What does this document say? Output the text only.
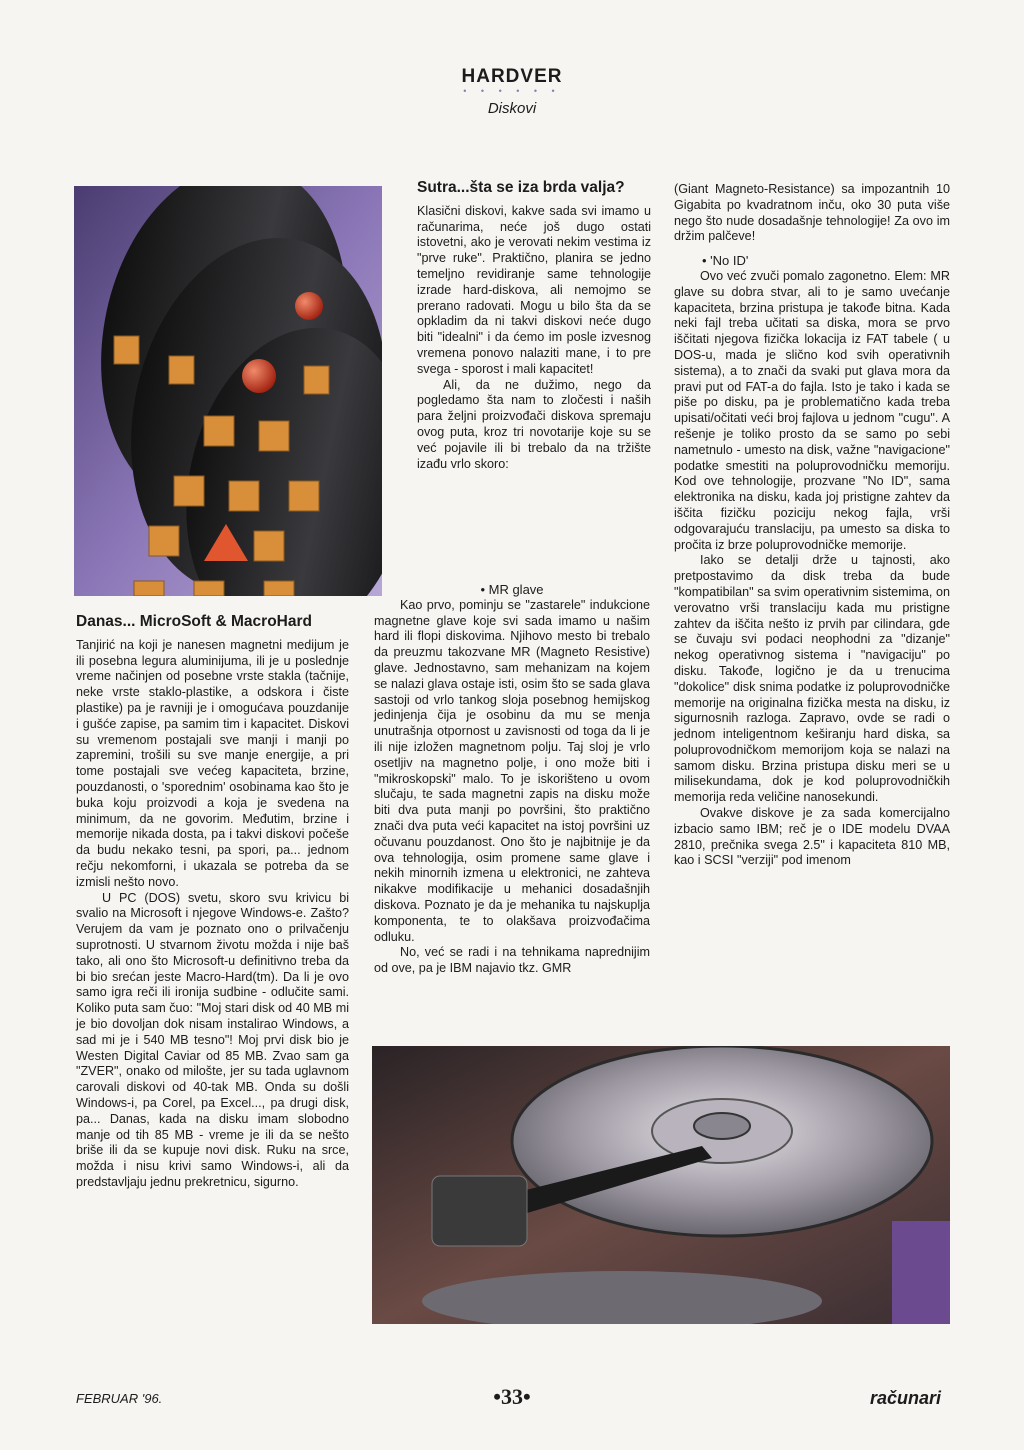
HARDVER
• • • • • •
Diskovi
Danas... MicroSoft & MacroHard

Tanjirić na koji je nanesen magnetni medijum je ili posebna legura aluminijuma, ili je u poslednje vreme načinjen od posebne vrste stakla (tačnije, neke vrste staklo-plastike, a odskora i čiste plastike) pa je ravniji je i omogućava pouzdanije i gušće zapise, pa samim tim i kapacitet. Diskovi su vremenom postajali sve manji i manji po zapremini, trošili su sve manje energije, a pri tome postajali sve većeg kapaciteta, brzine, pouzdanosti, o 'sporednim' osobinama kao što je buka koju proizvodi a koja je svedena na minimum, da ne govorim. Međutim, brzine i memorije nikada dosta, pa i takvi diskovi počeše da budu nekako tesni, pa spori, pa... jednom rečju nekomforni, i ukazala se potreba da se izmisli nešto novo.

U PC (DOS) svetu, skoro svu krivicu bi svalio na Microsoft i njegove Windows-e. Zašto? Verujem da vam je poznato ono o prilvačenju suprotnosti. U stvarnom životu možda i nije baš tako, ali ono što Microsoft-u definitivno treba da bi bio srećan jeste Macro-Hard(tm). Da li je ovo samo igra reči ili ironija sudbine - odlučite sami. Koliko puta sam čuo: "Moj stari disk od 40 MB mi je bio dovoljan dok nisam instalirao Windows, a sad mi je i 540 MB tesno"! Moj prvi disk bio je Westen Digital Caviar od 85 MB. Zvao sam ga "ZVER", onako od milošte, jer su tada uglavnom carovali diskovi od 40-tak MB. Onda su došli Windows-i, pa Corel, pa Excel..., pa drugi disk, pa... Danas, kada na disku imam slobodno manje od tih 85 MB - vreme je ili da se nešto briše ili da se kupuje novi disk. Ruku na srce, možda i nisu krivi samo Windows-i, ali da predstavljaju jednu prekretnicu, sigurno.

Sutra...šta se iza brda valja?

Klasični diskovi, kakve sada svi imamo u računarima, neće još dugo ostati istovetni, ako je verovati nekim vestima iz "prve ruke". Praktično, planira se jedno temeljno revidiranje same tehnologije izrade hard-diskova, ali nemojmo se prerano radovati. Mogu u bilo šta da se opkladim da ni takvi diskovi neće dugo biti "idealni" i da ćemo im posle izvesnog vremena ponovo nalaziti mane, i to pre svega - sporost i mali kapacitet!

Ali, da ne dužimo, nego da pogledamo šta nam to zločesti i naših para željni proizvođači diskova spremaju ovog puta, kroz tri novotarije koje su se već pojavile ili bi trebalo da na tržište izađu vrlo skoro:

• MR glave

Kao prvo, pominju se "zastarele" indukcione magnetne glave koje svi sada imamo u našim hard ili flopi diskovima. Njihovo mesto bi trebalo da preuzmu takozvane MR (Magneto Resistive) glave. Jednostavno, sam mehanizam na kojem se nalazi glava ostaje isti, osim što se sada glava sastoji od vrlo tankog sloja posebnog hemijskog jedinjenja čija je osobinu da mu se menja unutrašnja otpornost u zavisnosti od toga da li je ili nije izložen magnetnom polju. Taj sloj je vrlo osetljiv na magnetno polje, i ono može biti i "mikroskopski" malo. To je iskorišteno u ovom slučaju, te sada magnetni zapis na disku može biti dva puta manji po površini, što praktično znači dva puta veći kapacitet na istoj površini uz očuvanu pouzdanost. Ono što je najbitnije je da ova tehnologija, osim promene same glave i nekih minornih izmena u elektronici, ne zahteva nikakve modifikacije u mehanici dosadašnjih diskova. Poznato je da je mehanika tu najskuplja komponenta, te to olakšava proizvođačima odluku.

No, već se radi i na tehnikama naprednijim od ove, pa je IBM najavio tkz. GMR

(Giant Magneto-Resistance) sa impozantnih 10 Gigabita po kvadratnom inču, oko 30 puta više nego što nude dosadašnje tehnologije! Za ovo im držim palčeve!

• 'No ID'

Ovo već zvuči pomalo zagonetno. Elem: MR glave su dobra stvar, ali to je samo uvećanje kapaciteta, brzina pristupa je takođe bitna. Kada neki fajl treba učitati sa diska, mora se prvo iščitati njegova fizička lokacija iz FAT tabele ( u DOS-u, mada je slično kod svih operativnih sistema), a to znači da svaki put glava mora da pravi put od FAT-a do fajla. Isto je tako i kada se piše po disku, pa je problematično kada treba upisati/očitati veći broj fajlova u jednom "cugu". A rešenje je toliko prosto da se samo po sebi nametnulo - umesto na disk, važne "navigacione" podatke smestiti na poluprovodničku memoriju. Kod ove tehnologije, prozvane "No ID", sama elektronika na disku, kada joj pristigne zahtev da iščita fizičku poziciju nekog fajla, vrši odgovarajuću translaciju, pa umesto sa diska to pročita iz brze poluprovodničke memorije.

Iako se detalji drže u tajnosti, ako pretpostavimo da disk treba da bude "kompatibilan" sa svim operativnim sistemima, on verovatno vrši translaciju kada mu pristigne zahtev da iščita nešto iz prvih par cilindara, gde se čuvaju svi podaci neophodni za "dizanje" nekog operativnog sistema i "navigaciju" po disku. Takođe, logično je da u trenucima "dokolice" disk snima podatke iz poluprovodničke memorije na originalna fizička mesta na disku, iz sigurnosnih razloga. Zapravo, ovde se radi o jednom inteligentnom keširanju hard diska, sa poluprovodničkom memorijom koja se nalazi na samom disku. Brzina pristupa disku meri se u milisekundama, dok je kod poluprovodničkih memorija reda veličine nanosekundi.

Ovakve diskove je za sada komercijalno izbacio samo IBM; reč je o IDE modelu DVAA 2810, prečnika svega 2.5" i kapaciteta 810 MB, kao i SCSI "verziji" pod imenom

FEBRUAR '96.	•33•	računari
